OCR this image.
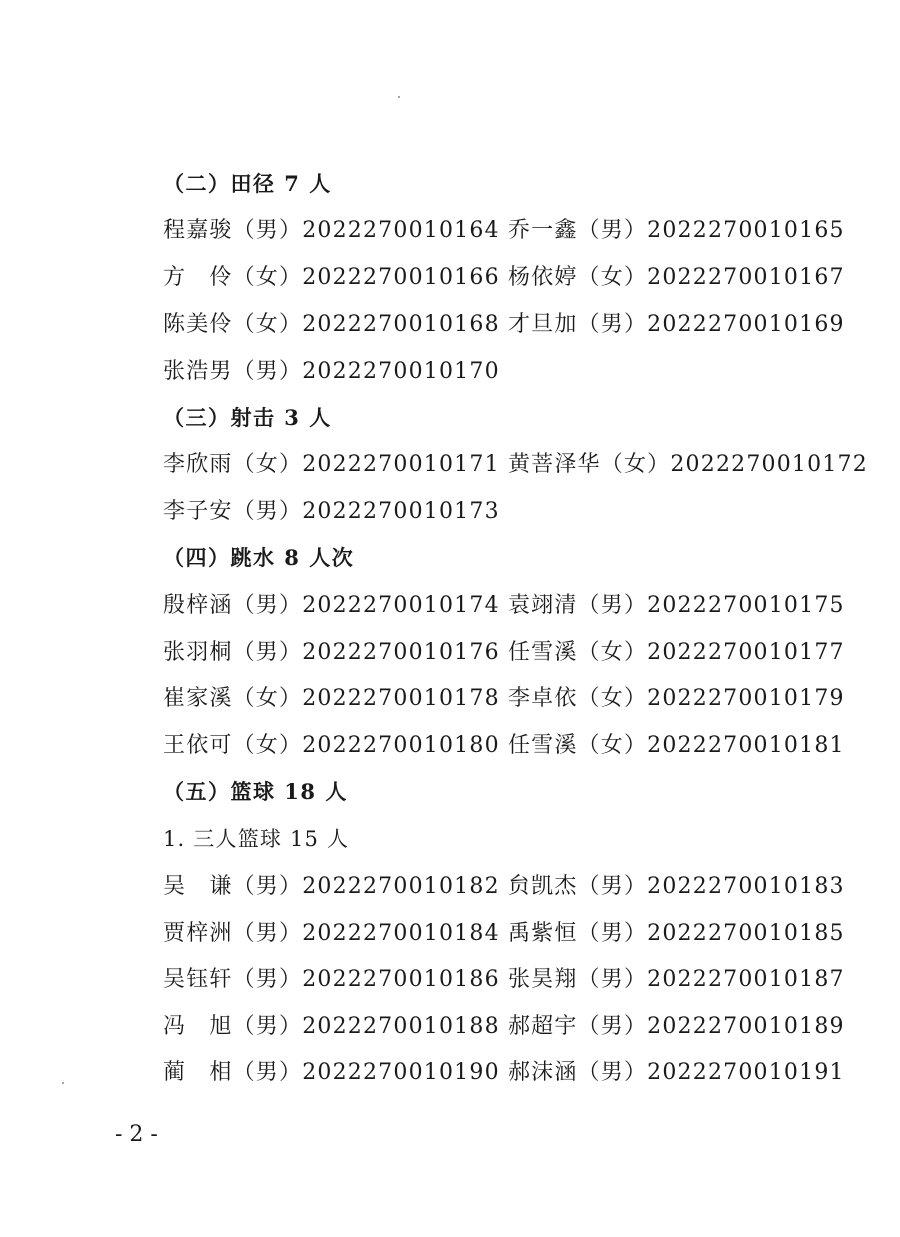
（二）田径 7 人
程嘉骏（男）2022270010164 乔一鑫（男）2022270010165
方　伶（女）2022270010166 杨依婷（女）2022270010167
陈美伶（女）2022270010168 才旦加（男）2022270010169
张浩男（男）2022270010170
（三）射击 3 人
李欣雨（女）2022270010171 黄菩泽华（女）2022270010172
李子安（男）2022270010173
（四）跳水 8 人次
殷梓涵（男）2022270010174 袁翊清（男）2022270010175
张羽桐（男）2022270010176 任雪溪（女）2022270010177
崔家溪（女）2022270010178 李卓依（女）2022270010179
王依可（女）2022270010180 任雪溪（女）2022270010181
（五）篮球 18 人
1. 三人篮球 15 人
吴　谦（男）2022270010182 贠凯杰（男）2022270010183
贾梓洲（男）2022270010184 禹紫恒（男）2022270010185
吴钰轩（男）2022270010186 张昊翔（男）2022270010187
冯　旭（男）2022270010188 郝超宇（男）2022270010189
蔺　相（男）2022270010190 郝沫涵（男）2022270010191
- 2 -
